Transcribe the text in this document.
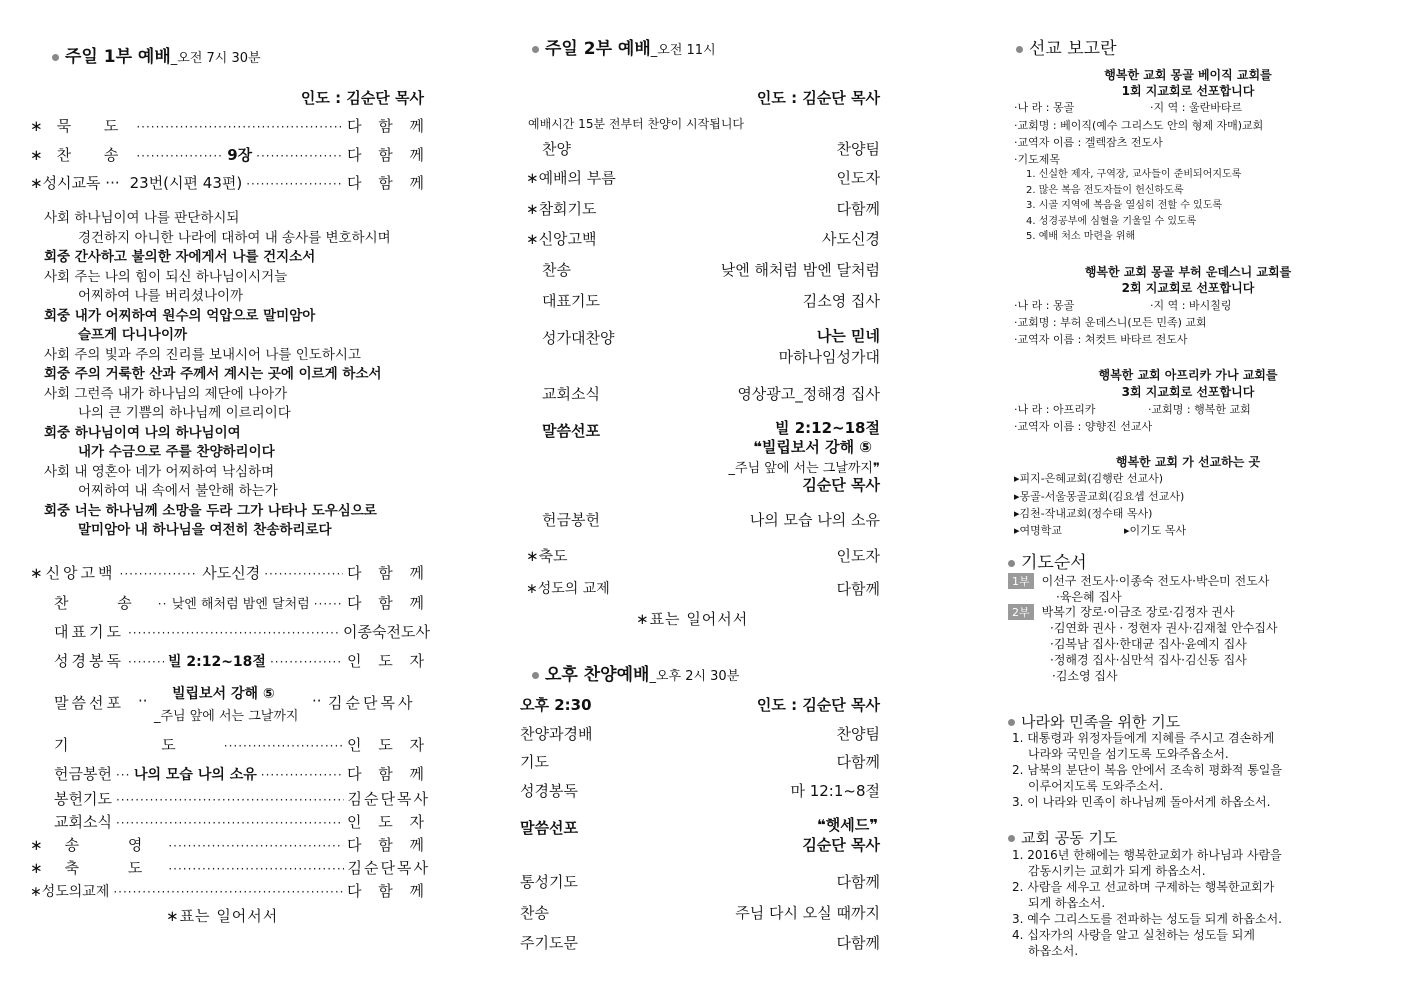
주일 1부 예배_오전 7시 30분
인도 : 김순단 목사
∗묵 도 ·····	다 함 께
∗찬 송 ·····	9장 ·····	다 함 께
∗성시교독 ··· 23번(시편 43편) ·····	다 함 께
사회 하나님이여 나를 판단하시되
경건하지 아니한 나라에 대하여 내 송사를 변호하시며
회중 간사하고 불의한 자에게서 나를 건지소서
사회 주는 나의 힘이 되신 하나님이시거늘
어찌하여 나를 버리셨나이까
회중 내가 어찌하여 원수의 억압으로 말미암아
슬프게 다니나이까
사회 주의 빛과 주의 진리를 보내시어 나를 인도하시고
회중 주의 거룩한 산과 주께서 계시는 곳에 이르게 하소서
사회 그런즉 내가 하나님의 제단에 나아가
나의 큰 기쁨의 하나님께 이르리이다
회중 하나님이여 나의 하나님이여
내가 수금으로 주를 찬양하리이다
사회 내 영혼아 네가 어찌하여 낙심하며
어찌하여 내 속에서 불안해 하는가
회중 너는 하나님께 소망을 두라 그가 나타나 도우심으로
말미암아 내 하나님을 여전히 찬송하리로다
∗신앙고백 ·····	사도신경 ·····	다 함 께
찬 송 ····· 낮엔 해처럼 밤엔 달처럼 ····· 다 함 께
대표기도 ·····	이종숙전도사
성경봉독 ·····	빌 2:12~18절 ·····	인 도 자
말씀선포 ·· 빌립보서 강해 ⑤
_주님 앞에 서는 그날까지
·· 김순단목사
기 도 ·····	인 도 자
헌금봉헌 ····· 나의 모습 나의 소유 ·····	다 함 께
봉헌기도 ·····	김순단목사
교회소식 ·····	인 도 자
∗송 영 ·····	다 함 께
∗축 도 ·····	김순단목사
∗성도의교제 ·····	다 함 께
∗표는 일어서서
주일 2부 예배_오전 11시
인도 : 김순단 목사
예배시간 15분 전부터 찬양이 시작됩니다
찬양	찬양팀
∗예배의 부름	인도자
∗참회기도	다함께
∗신앙고백	사도신경
찬송	낮엔 해처럼 밤엔 달처럼
대표기도	김소영 집사
성가대찬양	나는 믿네
마하나임성가대
교회소식	영상광고_정해경 집사
말씀선포	빌 2:12~18절
❝빌립보서 강해 ⑤
_주님 앞에 서는 그날까지❞
김순단 목사
헌금봉헌	나의 모습 나의 소유
∗축도	인도자
∗성도의 교제	다함께
∗표는 일어서서
오후 찬양예배_오후 2시 30분
오후 2:30	인도 : 김순단 목사
찬양과경배	찬양팀
기도	다함께
성경봉독	마 12:1~8절
말씀선포	❝햇세드❞
김순단 목사
통성기도	다함께
찬송	주님 다시 오실 때까지
주기도문	다함께
선교 보고란
행복한 교회 몽골 베이직 교회를
1회 지교회로 선포합니다
·나 라 : 몽골	·지 역 : 울란바타르
·교회명 : 베이직(예수 그리스도 안의 형제 자매)교회
·교역자 이름 : 겔렉잠츠 전도사
·기도제목
1. 신실한 제자, 구역장, 교사들이 준비되어지도록
2. 많은 복음 전도자들이 헌신하도록
3. 시골 지역에 복음을 열심히 전할 수 있도록
4. 성경공부에 심혈을 기울일 수 있도록
5. 예배 처소 마련을 위해
행복한 교회 몽골 부허 운데스니 교회를
2회 지교회로 선포합니다
·나 라 : 몽골	·지 역 : 바시칠링
·교회명 : 부허 운데스니(모든 민족) 교회
·교역자 이름 : 쳐컷트 바타르 전도사
행복한 교회 아프리카 가나 교회를
3회 지교회로 선포합니다
·나 라 : 아프리카	·교회명 : 행복한 교회
·교역자 이름 : 양향진 선교사
행복한 교회 가 선교하는 곳
▸피지-은혜교회(김행란 선교사)
▸몽골-서울몽골교회(김요셉 선교사)
▸김천-작내교회(정수태 목사)
▸여명학교	▸이기도 목사
기도순서
1부 이선구 전도사·이종숙 전도사·박은미 전도사
·육은혜 집사
2부 박복기 장로·이금조 장로·김정자 권사
·김연화 권사 · 정현자 권사·김재철 안수집사
·김복남 집사·한대균 집사·윤예지 집사
·정해경 집사·심만석 집사·김신동 집사
·김소영 집사
나라와 민족을 위한 기도
1. 대통령과 위정자들에게 지혜를 주시고 겸손하게
나라와 국민을 섬기도록 도와주옵소서.
2. 남북의 분단이 복음 안에서 조속히 평화적 통일을
이루어지도록 도와주소서.
3. 이 나라와 민족이 하나님께 돌아서게 하옵소서.
교회 공동 기도
1. 2016년 한해에는 행복한교회가 하나님과 사람을
감동시키는 교회가 되게 하옵소서.
2. 사람을 세우고 선교하며 구제하는 행복한교회가
되게 하옵소서.
3. 예수 그리스도를 전파하는 성도들 되게 하옵소서.
4. 십자가의 사랑을 알고 실천하는 성도들 되게
하옵소서.
